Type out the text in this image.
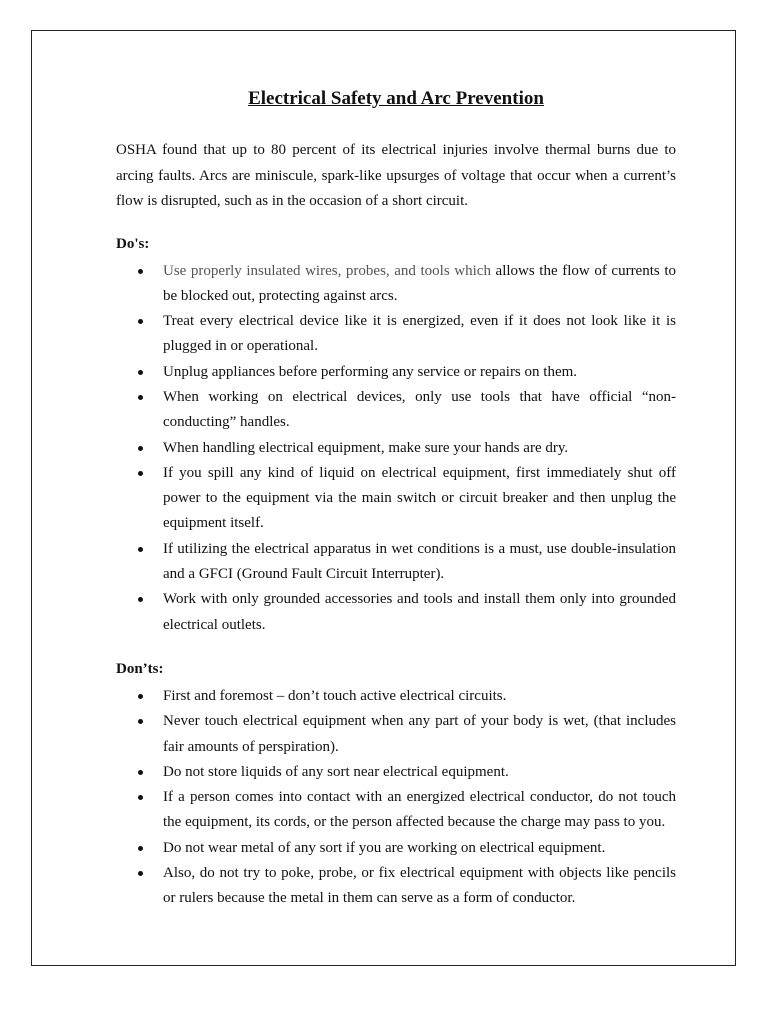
Electrical Safety and Arc Prevention

OSHA found that up to 80 percent of its electrical injuries involve thermal burns due to arcing faults. Arcs are miniscule, spark-like upsurges of voltage that occur when a current’s flow is disrupted, such as in the occasion of a short circuit.

Do's:
Use properly insulated wires, probes, and tools which allows the flow of currents to be blocked out, protecting against arcs.
Treat every electrical device like it is energized, even if it does not look like it is plugged in or operational.
Unplug appliances before performing any service or repairs on them.
When working on electrical devices, only use tools that have official “non-conducting” handles.
When handling electrical equipment, make sure your hands are dry.
If you spill any kind of liquid on electrical equipment, first immediately shut off power to the equipment via the main switch or circuit breaker and then unplug the equipment itself.
If utilizing the electrical apparatus in wet conditions is a must, use double-insulation and a GFCI (Ground Fault Circuit Interrupter).
Work with only grounded accessories and tools and install them only into grounded electrical outlets.
Don’ts:
First and foremost – don’t touch active electrical circuits.
Never touch electrical equipment when any part of your body is wet, (that includes fair amounts of perspiration).
Do not store liquids of any sort near electrical equipment.
If a person comes into contact with an energized electrical conductor, do not touch the equipment, its cords, or the person affected because the charge may pass to you.
Do not wear metal of any sort if you are working on electrical equipment.
Also, do not try to poke, probe, or fix electrical equipment with objects like pencils or rulers because the metal in them can serve as a form of conductor.
